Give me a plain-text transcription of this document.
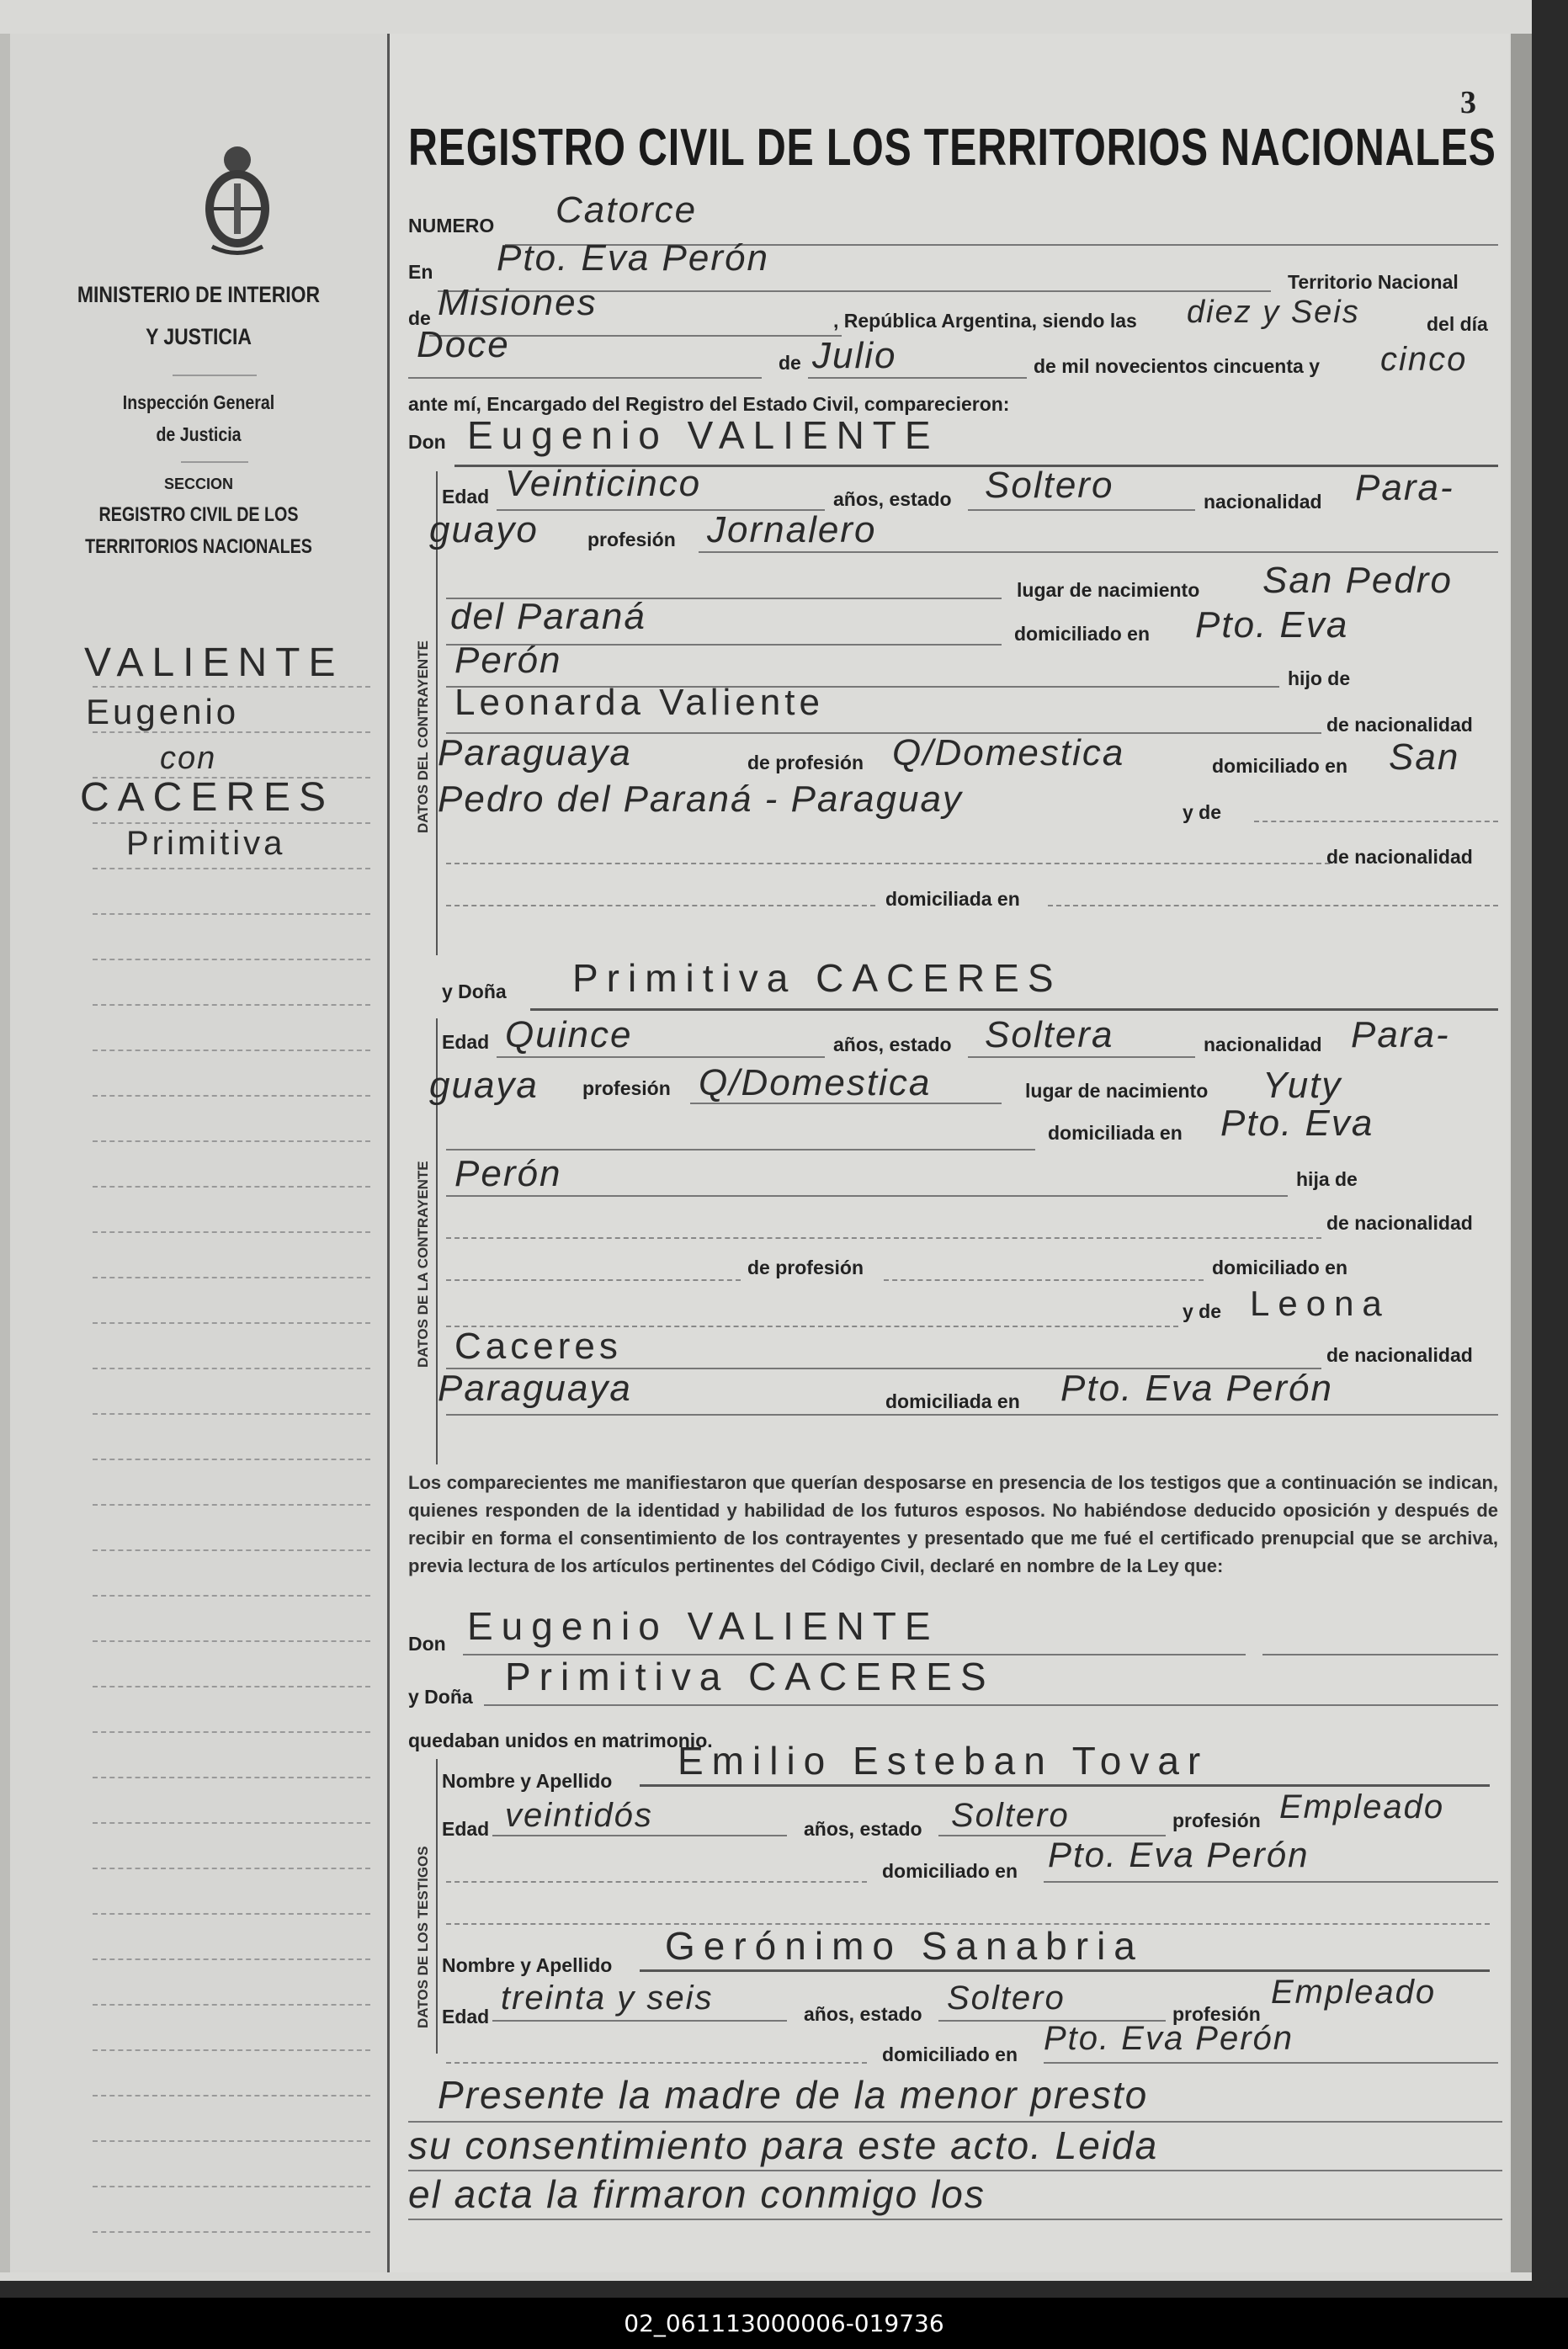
MINISTERIO DE INTERIOR
Y JUSTICIA
Inspección General
de Justicia
SECCION
REGISTRO CIVIL DE LOS
TERRITORIOS NACIONALES
VALIENTE
Eugenio
con
CACERES
Primitiva
3
REGISTRO CIVIL DE LOS TERRITORIOS NACIONALES
NUMERO Catorce
En Pto. Eva Perón
Territorio Nacional
de Misiones	, República Argentina, siendo las diez y Seis	del día
Doce	de Julio	de mil novecientos cincuenta y cinco
ante mí, Encargado del Registro del Estado Civil, comparecieron:
Don Eugenio VALIENTE
DATOS DEL CONTRAYENTE
Edad Veinticinco	años, estado Soltero	nacionalidad Para-
guayo	profesión Jornalero
lugar de nacimiento San Pedro
del Paraná	domiciliado en Pto. Eva
Perón	hijo de
Leonarda Valiente
de nacionalidad
Paraguaya	de profesión Q/Domestica	domiciliado en San
Pedro del Paraná - Paraguay	y de
de nacionalidad
domiciliada en
y Doña Primitiva CACERES
DATOS DE LA CONTRAYENTE
Edad Quince	años, estado Soltera	nacionalidad Para-
guaya profesión Q/Domestica	lugar de nacimiento Yuty
domiciliada en Pto. Eva
Perón	hija de
de nacionalidad
de profesión	domiciliado en
y de Leona
Caceres	de nacionalidad
Paraguaya	domiciliada en Pto. Eva Perón
Los comparecientes me manifiestaron que querían desposarse en presencia de los testigos que a continuación se indican, quienes responden de la identidad y habilidad de los futuros esposos. No habiéndose deducido oposición y después de recibir en forma el consentimiento de los contrayentes y presentado que me fué el certificado prenupcial que se archiva, previa lectura de los artículos pertinentes del Código Civil, declaré en nombre de la Ley que:
Don Eugenio VALIENTE
y Doña Primitiva CACERES
quedaban unidos en matrimonio.
DATOS DE LOS TESTIGOS
Nombre y Apellido Emilio Esteban Tovar
Edad veintidós	años, estado Soltero	profesión Empleado
domiciliado en Pto. Eva Perón
Nombre y Apellido Gerónimo Sanabria
Edad treinta y seis	años, estado Soltero	profesión
Empleado
domiciliado en Pto. Eva Perón
Presente la madre de la menor presto
su consentimiento para este acto. Leida
el acta la firmaron conmigo los
02_061113000006-019736
